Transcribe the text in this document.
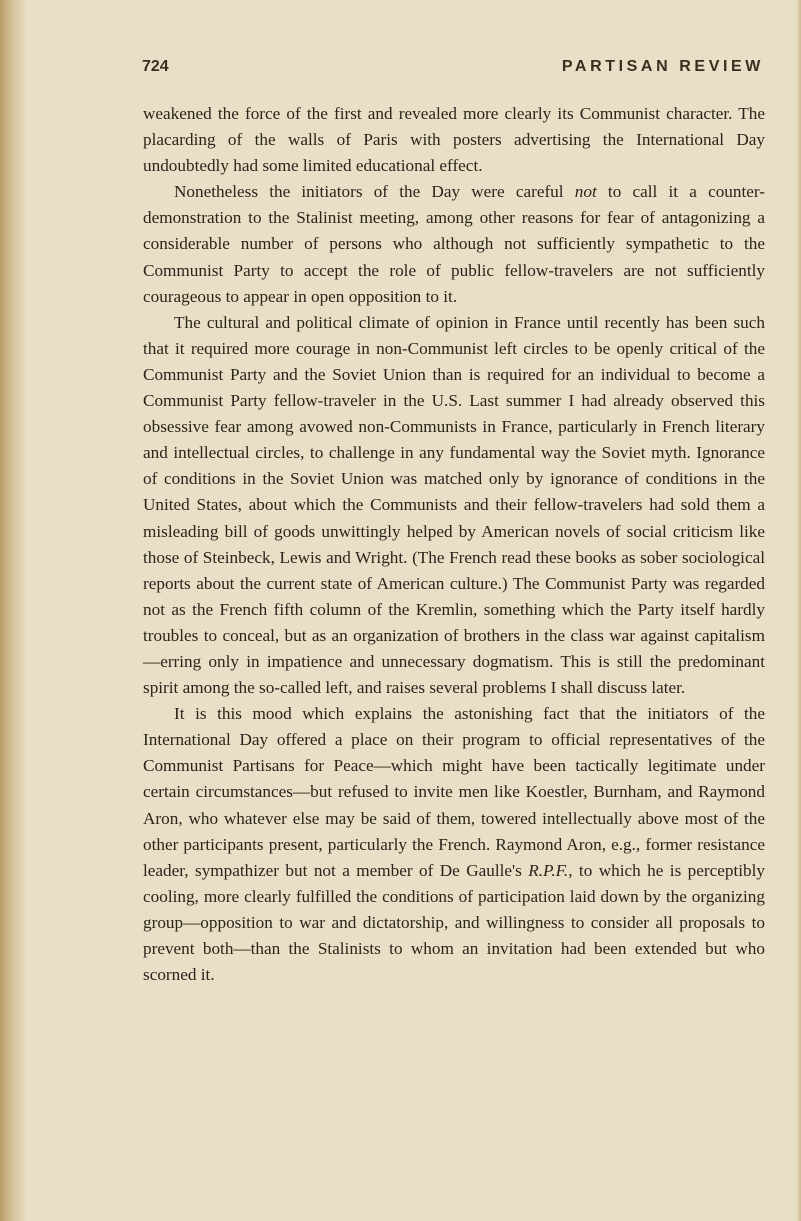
724	PARTISAN REVIEW

weakened the force of the first and revealed more clearly its Communist character. The placarding of the walls of Paris with posters advertising the International Day undoubtedly had some limited educational effect.

Nonetheless the initiators of the Day were careful not to call it a counter-demonstration to the Stalinist meeting, among other reasons for fear of antagonizing a considerable number of persons who although not sufficiently sympathetic to the Communist Party to accept the role of public fellow-travelers are not sufficiently courageous to appear in open opposition to it.

The cultural and political climate of opinion in France until recently has been such that it required more courage in non-Communist left circles to be openly critical of the Communist Party and the Soviet Union than is required for an individual to become a Communist Party fellow-traveler in the U.S. Last summer I had already observed this obsessive fear among avowed non-Communists in France, particularly in French literary and intellectual circles, to challenge in any fundamental way the Soviet myth. Ignorance of conditions in the Soviet Union was matched only by ignorance of conditions in the United States, about which the Communists and their fellow-travelers had sold them a misleading bill of goods unwittingly helped by American novels of social criticism like those of Steinbeck, Lewis and Wright. (The French read these books as sober sociological reports about the current state of American culture.) The Communist Party was regarded not as the French fifth column of the Kremlin, something which the Party itself hardly troubles to conceal, but as an organization of brothers in the class war against capitalism—erring only in impatience and unnecessary dogmatism. This is still the predominant spirit among the so-called left, and raises several problems I shall discuss later.

It is this mood which explains the astonishing fact that the initiators of the International Day offered a place on their program to official representatives of the Communist Partisans for Peace—which might have been tactically legitimate under certain circumstances—but refused to invite men like Koestler, Burnham, and Raymond Aron, who whatever else may be said of them, towered intellectually above most of the other participants present, particularly the French. Raymond Aron, e.g., former resistance leader, sympathizer but not a member of De Gaulle's R.P.F., to which he is perceptibly cooling, more clearly fulfilled the conditions of participation laid down by the organizing group—opposition to war and dictatorship, and willingness to consider all proposals to prevent both—than the Stalinists to whom an invitation had been extended but who scorned it.
